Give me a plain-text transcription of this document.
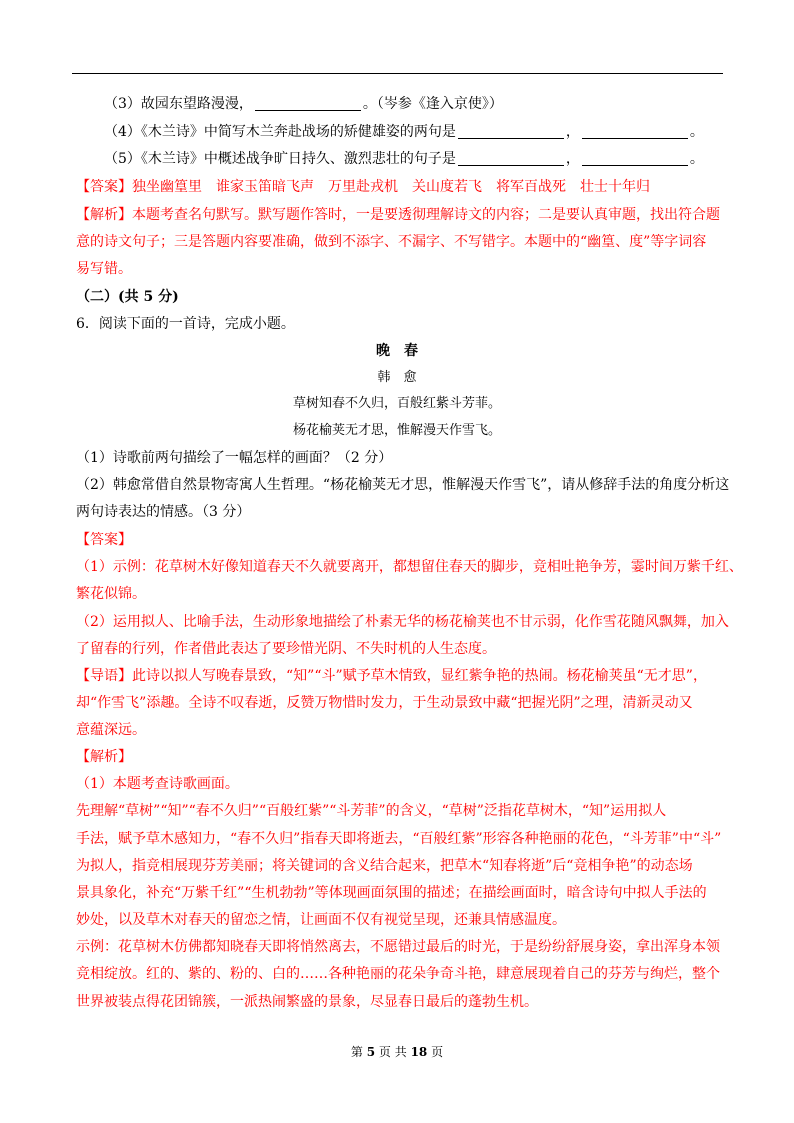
（3）故园东望路漫漫，	。（岑参《逢入京使》）
（4）《木兰诗》中简写木兰奔赴战场的矫健雄姿的两句是	，	。
（5）《木兰诗》中概述战争旷日持久、激烈悲壮的句子是	，	。
【答案】独坐幽篁里　谁家玉笛暗飞声　万里赴戎机　关山度若飞　将军百战死　壮士十年归
【解析】本题考查名句默写。默写题作答时，一是要透彻理解诗文的内容；二是要认真审题，找出符合题
意的诗文句子；三是答题内容要准确，做到不添字、不漏字、不写错字。本题中的“幽篁、度”等字词容
易写错。
（二）(共 5 分)
6．阅读下面的一首诗，完成小题。
晚　春
韩　愈
草树知春不久归，百般红紫斗芳菲。
杨花榆荚无才思，惟解漫天作雪飞。
（1）诗歌前两句描绘了一幅怎样的画面？（2 分）
（2）韩愈常借自然景物寄寓人生哲理。“杨花榆荚无才思，惟解漫天作雪飞”，请从修辞手法的角度分析这
两句诗表达的情感。（3 分）
【答案】
（1）示例：花草树木好像知道春天不久就要离开，都想留住春天的脚步，竞相吐艳争芳，霎时间万紫千红、
繁花似锦。
（2）运用拟人、比喻手法，生动形象地描绘了朴素无华的杨花榆荚也不甘示弱，化作雪花随风飘舞，加入
了留春的行列，作者借此表达了要珍惜光阴、不失时机的人生态度。
【导语】此诗以拟人写晚春景致，“知”“斗”赋予草木情致，显红紫争艳的热闹。杨花榆荚虽“无才思”，
却“作雪飞”添趣。全诗不叹春逝，反赞万物惜时发力，于生动景致中藏“把握光阴”之理，清新灵动又
意蕴深远。
【解析】
（1）本题考查诗歌画面。
先理解“草树”“知”“春不久归”“百般红紫”“斗芳菲”的含义，“草树”泛指花草树木，“知”运用拟人
手法，赋予草木感知力，“春不久归”指春天即将逝去，“百般红紫”形容各种艳丽的花色，“斗芳菲”中“斗”
为拟人，指竞相展现芬芳美丽；将关键词的含义结合起来，把草木“知春将逝”后“竞相争艳”的动态场
景具象化，补充“万紫千红”“生机勃勃”等体现画面氛围的描述；在描绘画面时，暗含诗句中拟人手法的
妙处，以及草木对春天的留恋之情，让画面不仅有视觉呈现，还兼具情感温度。
示例：花草树木仿佛都知晓春天即将悄然离去，不愿错过最后的时光，于是纷纷舒展身姿，拿出浑身本领
竞相绽放。红的、紫的、粉的、白的……各种艳丽的花朵争奇斗艳，肆意展现着自己的芬芳与绚烂，整个
世界被装点得花团锦簇，一派热闹繁盛的景象，尽显春日最后的蓬勃生机。
第 5 页 共 18 页
